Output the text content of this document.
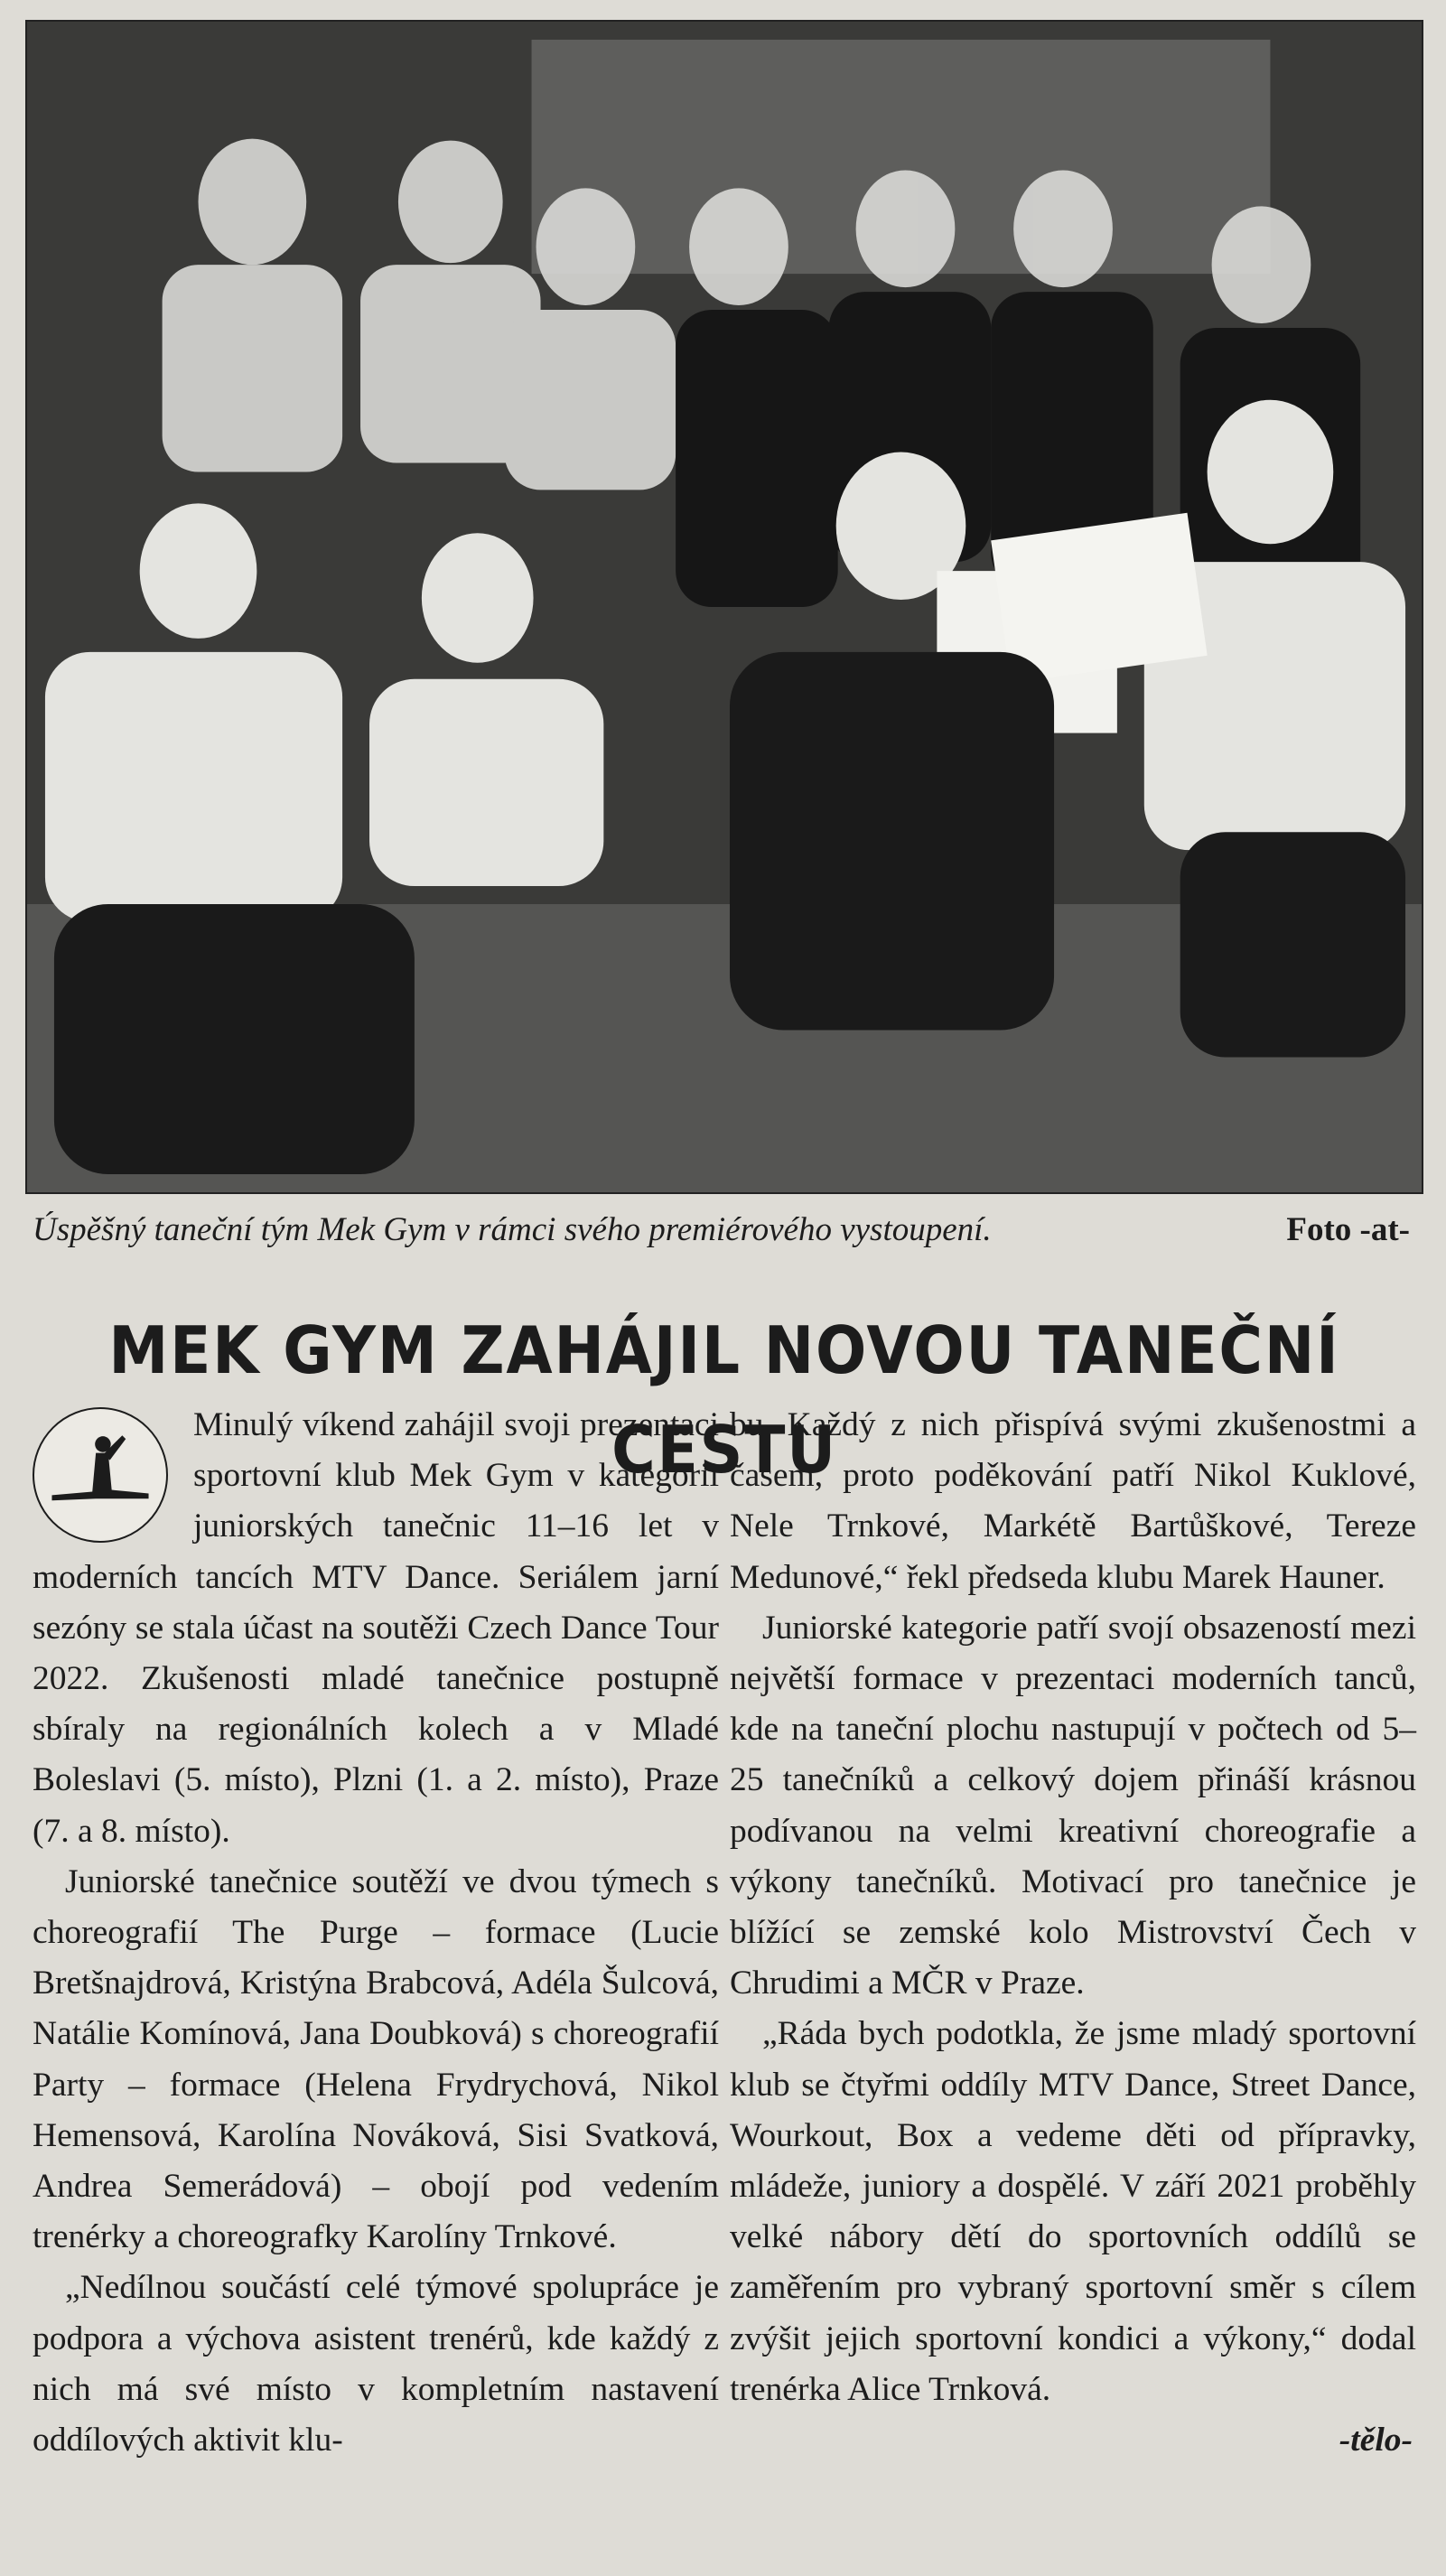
Úspěšný taneční tým Mek Gym v rámci svého premiérového vystoupení.	Foto -at-
MEK GYM ZAHÁJIL NOVOU TANEČNÍ CESTU

Minulý víkend zahájil svoji prezentaci sportovní klub Mek Gym v kategorii juniorských tanečnic 11–16 let v moderních tancích MTV Dance. Seriálem jarní sezóny se stala účast na soutěži Czech Dance Tour 2022. Zkušenosti mladé tanečnice postupně sbíraly na regionálních kolech a v Mladé Boleslavi (5. místo), Plzni (1. a 2. místo), Praze (7. a 8. místo).

Juniorské tanečnice soutěží ve dvou týmech s choreografií The Purge – formace (Lucie Bretšnajdrová, Kristýna Brabcová, Adéla Šulcová, Natálie Komínová, Jana Doubková) s choreografií Party – formace (Helena Frydrychová, Nikol Hemensová, Karolína Nováková, Sisi Svatková, Andrea Semerádová) – obojí pod vedením trenérky a choreografky Karolíny Trnkové.

„Nedílnou součástí celé týmové spolupráce je podpora a výchova asistent trenérů, kde každý z nich má své místo v kompletním nastavení oddílových aktivit klu-

bu. Každý z nich přispívá svými zkušenostmi a časem, proto poděkování patří Nikol Kuklové, Nele Trnkové, Markétě Bartůškové, Tereze Medunové,“ řekl předseda klubu Marek Hauner.

Juniorské kategorie patří svojí obsazeností mezi největší formace v prezentaci moderních tanců, kde na taneční plochu nastupují v počtech od 5–25 tanečníků a celkový dojem přináší krásnou podívanou na velmi kreativní choreografie a výkony tanečníků. Motivací pro tanečnice je blížící se zemské kolo Mistrovství Čech v Chrudimi a MČR v Praze.

„Ráda bych podotkla, že jsme mladý sportovní klub se čtyřmi oddíly MTV Dance, Street Dance, Wourkout, Box a vedeme děti od přípravky, mládeže, juniory a dospělé. V září 2021 proběhly velké nábory dětí do sportovních oddílů se zaměřením pro vybraný sportovní směr s cílem zvýšit jejich sportovní kondici a výkony,“ dodal trenérka Alice Trnková.

-tělo-
